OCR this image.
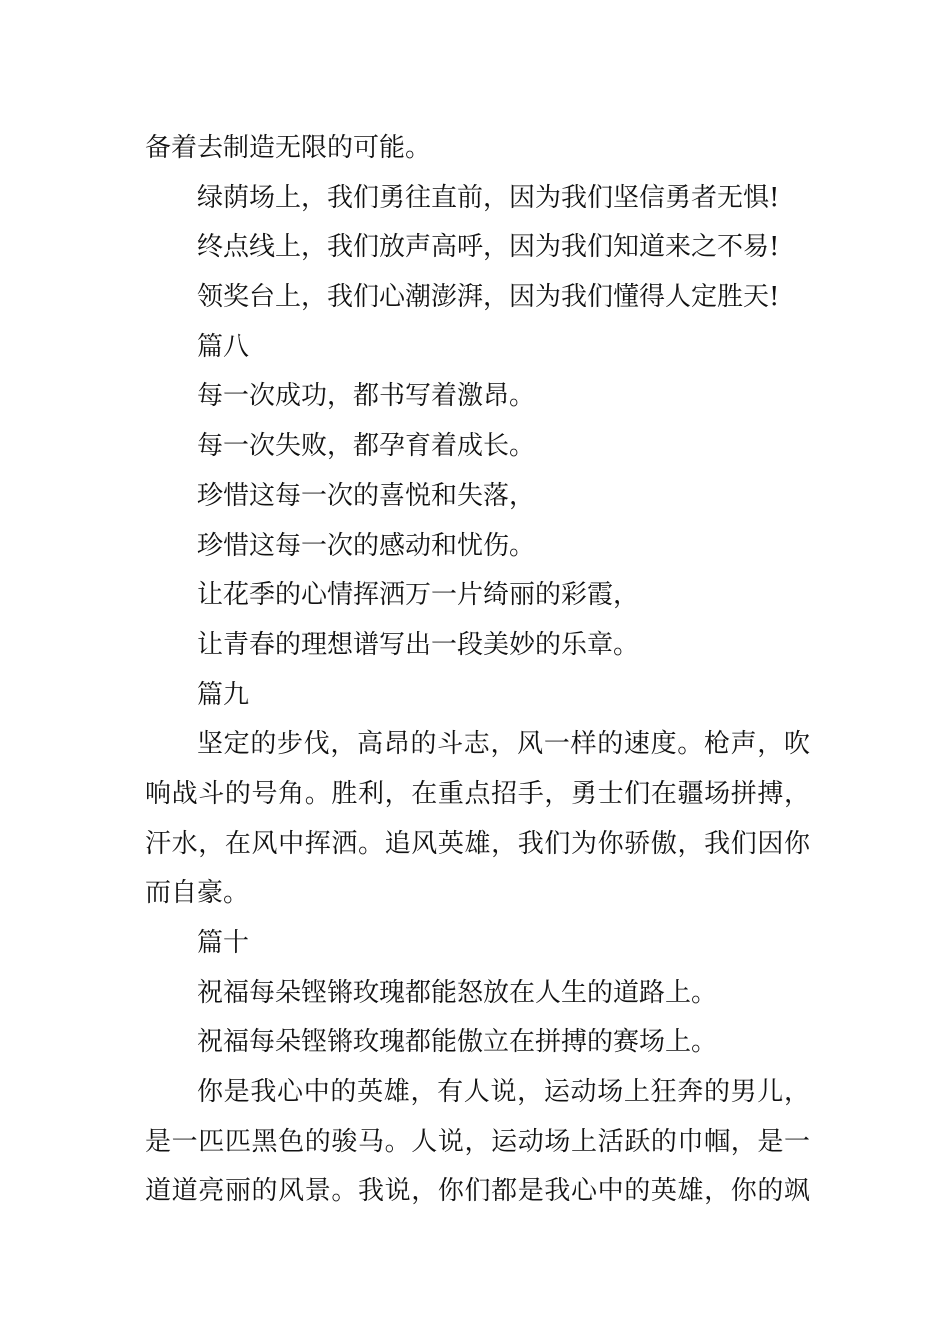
备着去制造无限的可能。
绿荫场上，我们勇往直前，因为我们坚信勇者无惧!
终点线上，我们放声高呼，因为我们知道来之不易!
领奖台上，我们心潮澎湃，因为我们懂得人定胜天!
篇八
每一次成功，都书写着激昂。
每一次失败，都孕育着成长。
珍惜这每一次的喜悦和失落，
珍惜这每一次的感动和忧伤。
让花季的心情挥洒万一片绮丽的彩霞，
让青春的理想谱写出一段美妙的乐章。
篇九
坚定的步伐，高昂的斗志，风一样的速度。枪声，吹
响战斗的号角。胜利，在重点招手，勇士们在疆场拼搏，
汗水，在风中挥洒。追风英雄，我们为你骄傲，我们因你
而自豪。
篇十
祝福每朵铿锵玫瑰都能怒放在人生的道路上。
祝福每朵铿锵玫瑰都能傲立在拼搏的赛场上。
你是我心中的英雄，有人说，运动场上狂奔的男儿，
是一匹匹黑色的骏马。人说，运动场上活跃的巾帼，是一
道道亮丽的风景。我说，你们都是我心中的英雄，你的飒
